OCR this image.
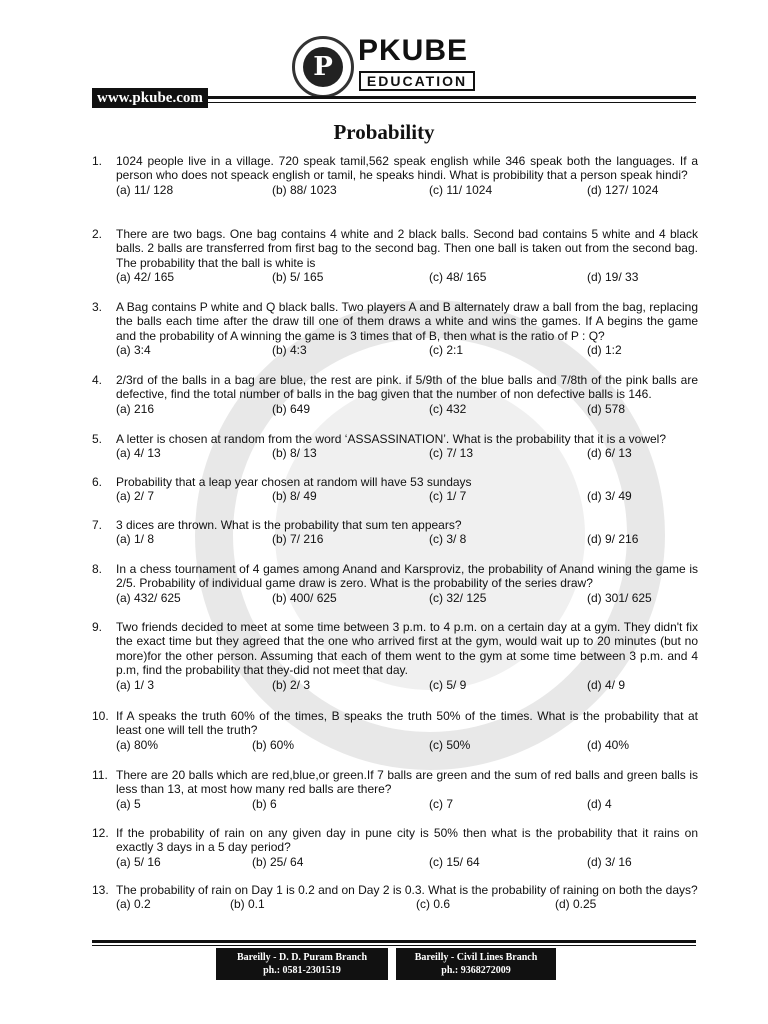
P PKUBE
EDUCATION
www.pkube.com
Probability
1. 1024 people live in a village. 720 speak tamil,562 speak english while 346 speak both the languages. If a person who does not speack english or tamil, he speaks hindi. What is probibility that a person speak hindi?
(a) 11/ 128	(b) 88/ 1023	(c) 11/ 1024	(d) 127/ 1024
2. There are two bags. One bag contains 4 white and 2 black balls. Second bad contains 5 white and 4 black balls. 2 balls are transferred from first bag to the second bag. Then one ball is taken out from the second bag. The probability that the ball is white is
(a) 42/ 165	(b) 5/ 165	(c) 48/ 165	(d) 19/ 33
3. A Bag contains P white and Q black balls. Two players A and B alternately draw a ball from the bag, replacing the balls each time after the draw till one of them draws a white and wins the games. If A begins the game and the probability of A winning the game is 3 times that of B, then what is the ratio of P : Q?
(a) 3:4	(b) 4:3	(c) 2:1	(d) 1:2
4. 2/3rd of the balls in a bag are blue, the rest are pink. if 5/9th of the blue balls and 7/8th of the pink balls are defective, find the total number of balls in the bag given that the number of non defective balls is 146.
(a) 216	(b) 649	(c) 432	(d) 578
5. A letter is chosen at random from the word ‘ASSASSINATION’. What is the probability that it is a vowel?
(a) 4/ 13	(b) 8/ 13	(c) 7/ 13	(d) 6/ 13
6. Probability that a leap year chosen at random will have 53 sundays
(a) 2/ 7	(b) 8/ 49	(c) 1/ 7	(d) 3/ 49
7. 3 dices are thrown. What is the probability that sum ten appears?
(a) 1/ 8	(b) 7/ 216	(c) 3/ 8	(d) 9/ 216
8. In a chess tournament of 4 games among Anand and Karsproviz, the probability of Anand wining the game is 2/5. Probability of individual game draw is zero. What is the probability of the series draw?
(a) 432/ 625	(b) 400/ 625	(c) 32/ 125	(d) 301/ 625
9. Two friends decided to meet at some time between 3 p.m. to 4 p.m. on a certain day at a gym. They didn't fix the exact time but they agreed that the one who arrived first at the gym, would wait up to 20 minutes (but no more)for the other person. Assuming that each of them went to the gym at some time between 3 p.m. and 4 p.m, find the probability that they-did not meet that day.
(a) 1/ 3	(b) 2/ 3	(c) 5/ 9	(d) 4/ 9
10. If A speaks the truth 60% of the times, B speaks the truth 50% of the times. What is the probability that at least one will tell the truth?
(a) 80%	(b) 60%	(c) 50%	(d) 40%
11. There are 20 balls which are red,blue,or green.If 7 balls are green and the sum of red balls and green balls is less than 13, at most how many red balls are there?
(a) 5	(b) 6	(c) 7	(d) 4
12. If the probability of rain on any given day in pune city is 50% then what is the probability that it rains on exactly 3 days in a 5 day period?
(a) 5/ 16	(b) 25/ 64	(c) 15/ 64	(d) 3/ 16
13. The probability of rain on Day 1 is 0.2 and on Day 2 is 0.3. What is the probability of raining on both the days?
(a) 0.2	(b) 0.1	(c) 0.6	(d) 0.25
Bareilly - D. D. Puram Branch
ph.: 0581-2301519
Bareilly - Civil Lines Branch
ph.: 9368272009
